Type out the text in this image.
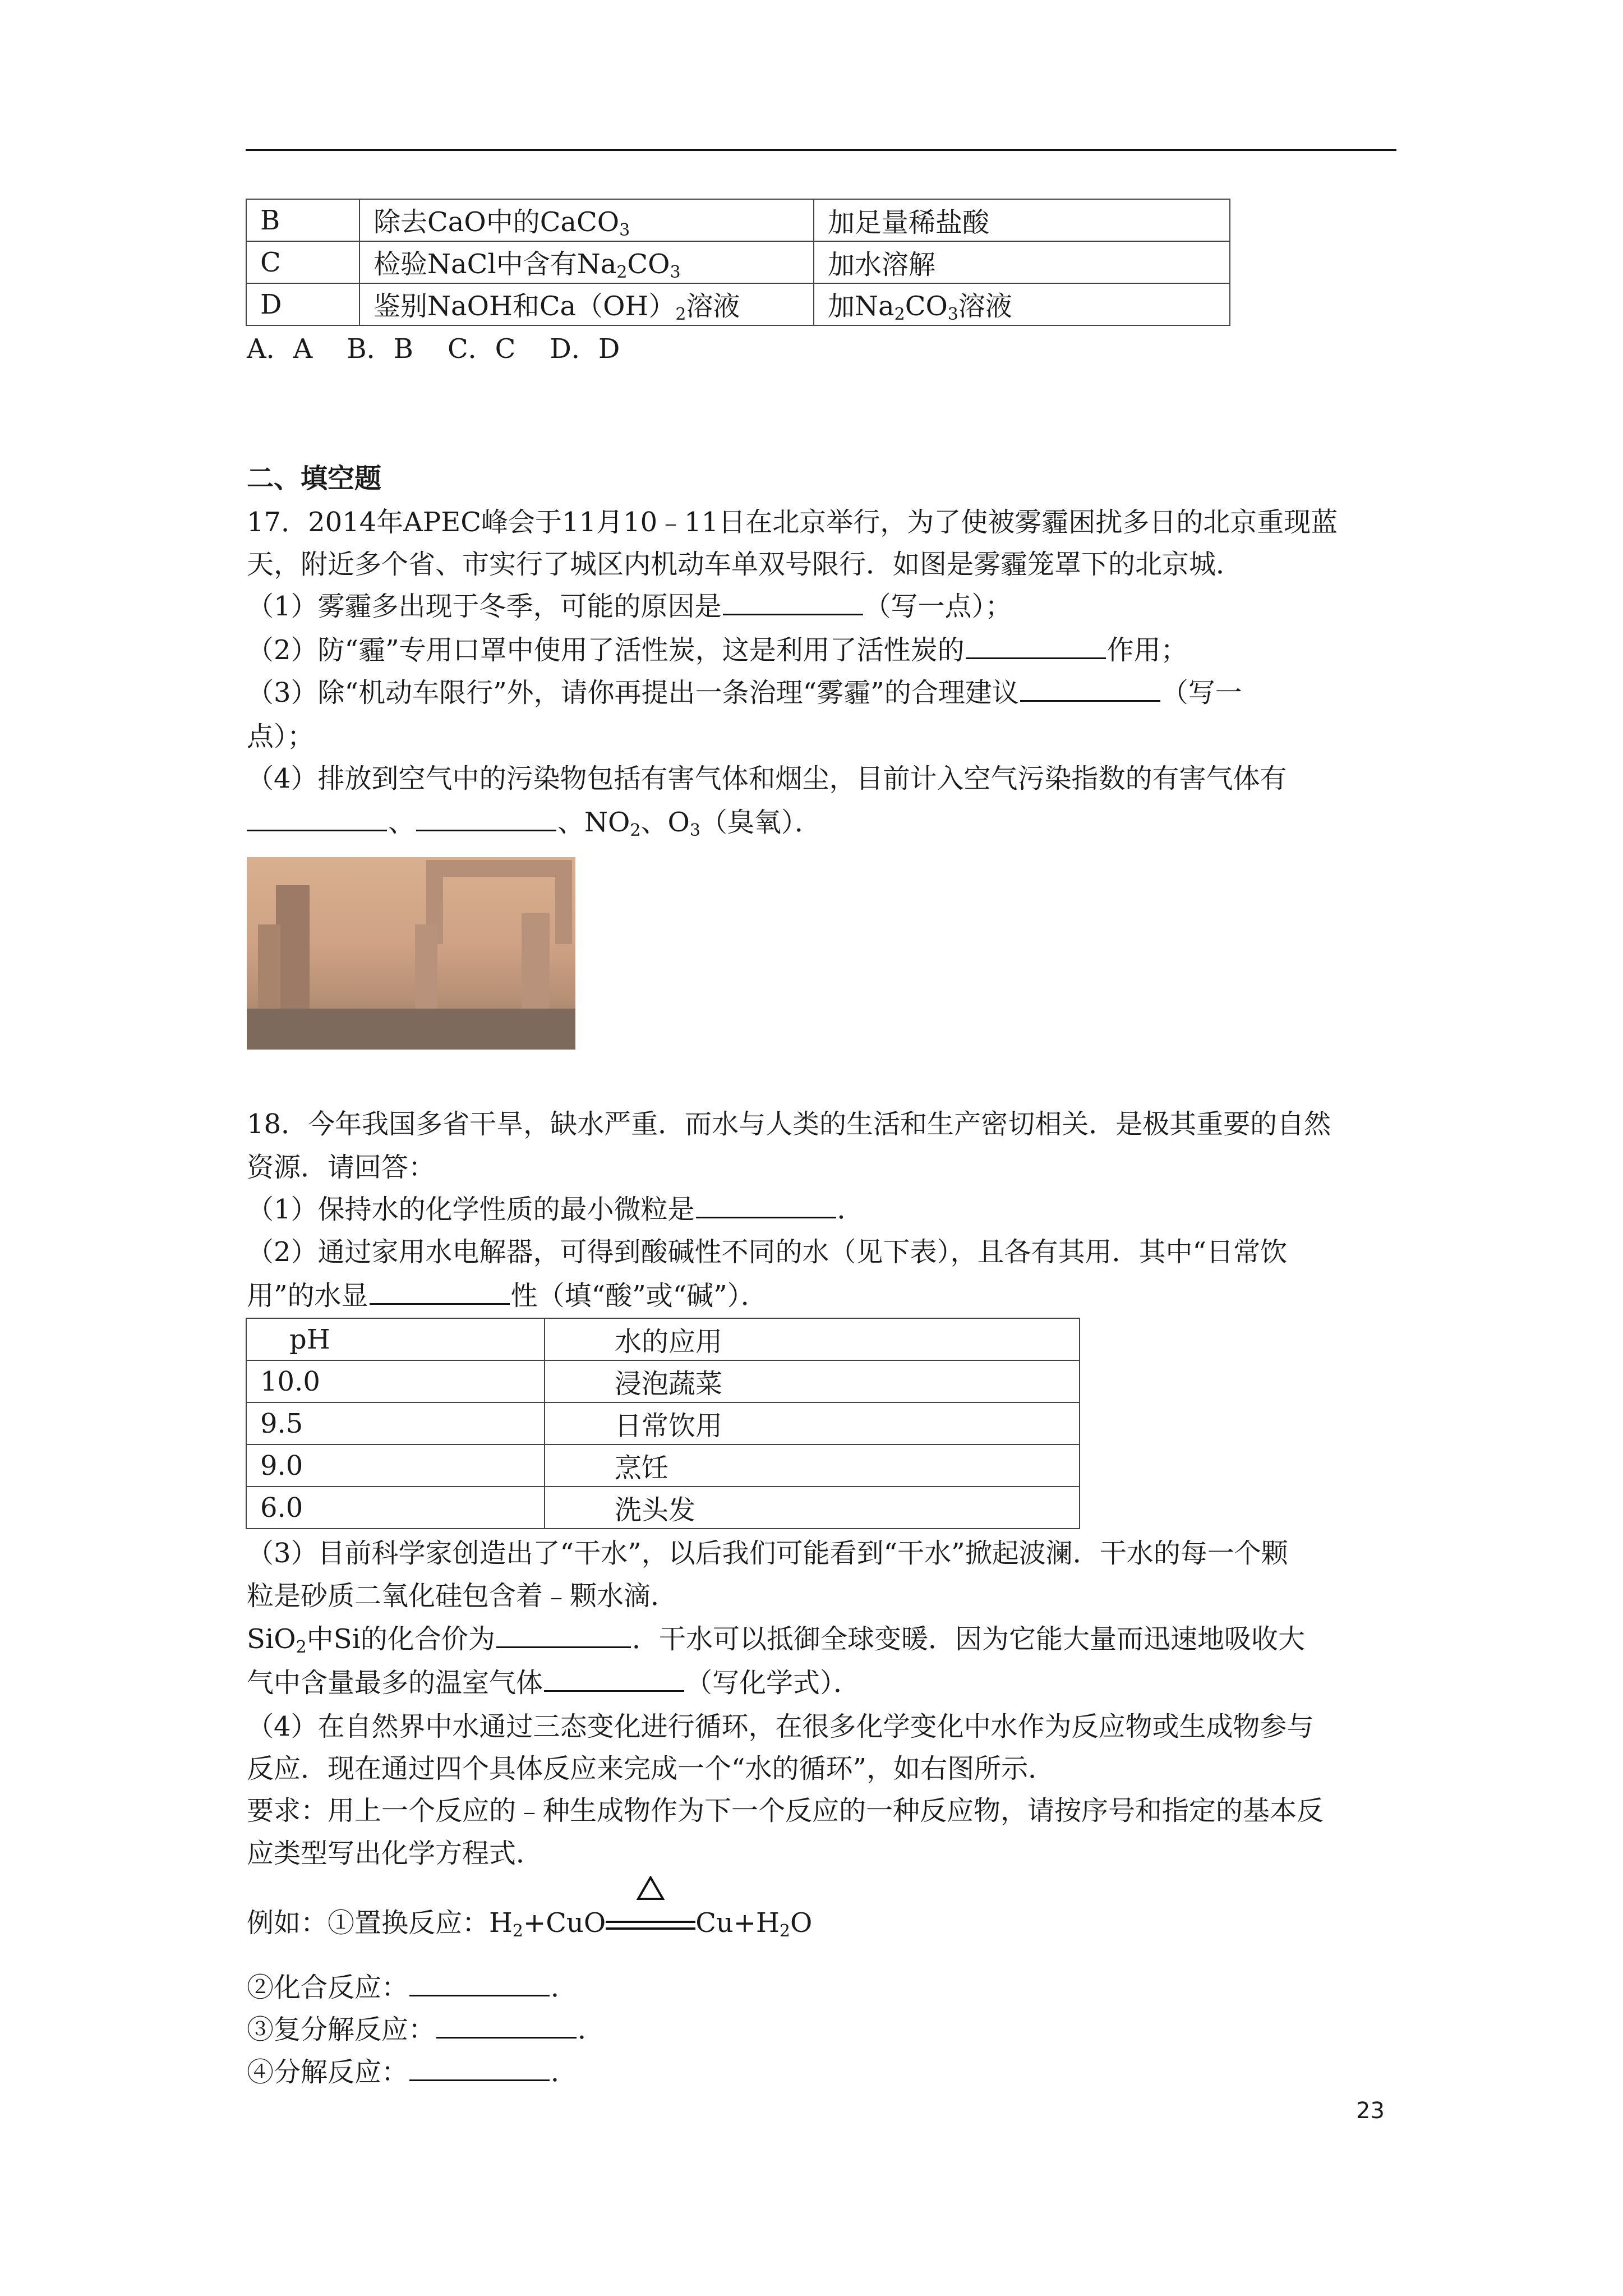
B	除去CaO中的CaCO$_3$	加足量稀盐酸
C	检验NaCl中含有$Na_2CO_3$	加水溶解
D	鉴别NaOH和$Ca(OH)_2$溶液	加$Na_2CO_3$溶液
A．A    B．B    C．C    D．D
二、填空题
17．2014年APEC峰会于11月10﹣11日在北京举行，为了使被雾霾困扰多日的北京重现蓝
天，附近多个省、市实行了城区内机动车单双号限行．如图是雾霾笼罩下的北京城．
（1）雾霾多出现于冬季，可能的原因是	（写一点）；
（2）防“霾”专用口罩中使用了活性炭，这是利用了活性炭的	作用；
（3）除“机动车限行”外，请你再提出一条治理“雾霾”的合理建议	（写一
点）；
（4）排放到空气中的污染物包括有害气体和烟尘，目前计入空气污染指数的有害气体有
、	、$NO_2$、$O_3$（臭氧）．
18．今年我国多省干旱，缺水严重．而水与人类的生活和生产密切相关．是极其重要的自然
资源．请回答：
（1）保持水的化学性质的最小微粒是	．
（2）通过家用水电解器，可得到酸碱性不同的水（见下表），且各有其用．其中“日常饮
用”的水显	性（填“酸”或“碱”）．
pH	水的应用
10.0	浸泡蔬菜
9.5	日常饮用
9.0	烹饪
6.0	洗头发
（3）目前科学家创造出了“干水”，以后我们可能看到“干水”掀起波澜．干水的每一个颗
粒是砂质二氧化硅包含着﹣颗水滴．
SiO$_2$中Si的化合价为	．干水可以抵御全球变暖．因为它能大量而迅速地吸收大
气中含量最多的温室气体	（写化学式）．
（4）在自然界中水通过三态变化进行循环，在很多化学变化中水作为反应物或生成物参与
反应．现在通过四个具体反应来完成一个“水的循环”，如右图所示．
要求：用上一个反应的﹣种生成物作为下一个反应的一种反应物，请按序号和指定的基本反
应类型写出化学方程式．
例如：①置换反应：$H_2+CuO$	$Cu+H_2O$
②化合反应：	．
③复分解反应：	．
④分解反应：	．
23
